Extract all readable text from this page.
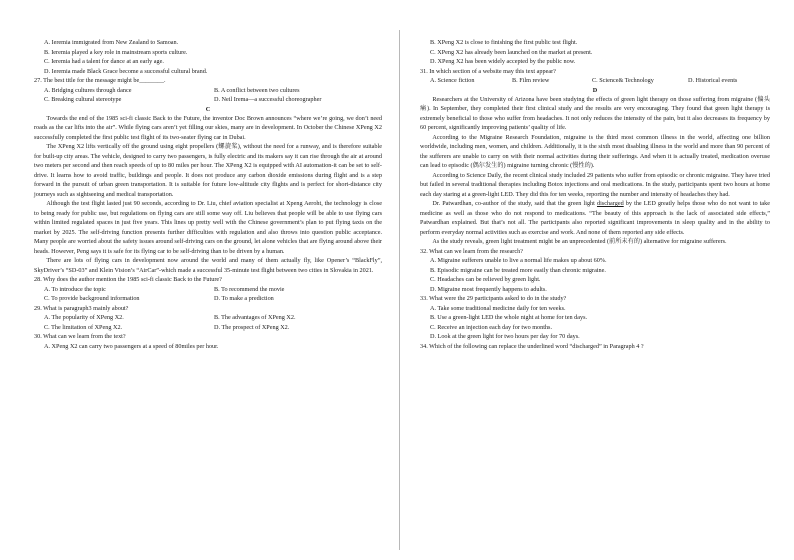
A. Ieremia immigrated from New Zealand to Samoan.

B. Ieremia played a key role in mainstream sports culture.

C. Ieremia had a talent for dance at an early age.

D. Ieremia made Black Grace become a successful cultural brand.

27. The best title for the message might be________.

A. Bridging cultures through dance	B. A conflict between two cultures
C. Breaking cultural stereotype	D. Neil Irema—a successful choreographer

C

Towards the end of the 1985 sci-fi classic Back to the Future, the inventor Doc Brown announces “where we’re going, we don’t need roads as the car lifts into the air”. While flying cars aren’t yet filling our skies, many are in development. In October the Chinese XPeng X2 successfully completed the first public test flight of its two-seater flying car in Dubai.

The XPeng X2 lifts vertically off the ground using eight propellers (螺旋桨), without the need for a runway, and is therefore suitable for built-up city areas. The vehicle, designed to carry two passengers, is fully electric and its makers say it can rise through the air at around two meters per second and then reach speeds of up to 80 miles per hour. The XPeng X2 is equipped with AI automation-it can be set to self-drive. It learns how to avoid traffic, buildings and people. It does not produce any carbon dioxide emissions during flight and is a step forward in the pursuit of urban green transportation. It is suitable for future low-altitude city flights and is perfect for short-distance city journeys such as sightseeing and medical transportation.

Although the test flight lasted just 90 seconds, according to Dr. Liu, chief aviation specialist at Xpeng Aeroht, the technology is close to being ready for public use, but regulations on flying cars are still some way off. Liu believes that people will be able to use flying cars within limited regulated spaces in just five years. This lines up pretty well with the Chinese government’s plan to put flying taxis on the market by 2025. The self-driving function presents further difficulties with regulation and also throws into question public acceptance. Many people are worried about the safety issues around self-driving cars on the ground, let alone vehicles that are flying around above their heads. However, Peng says it is safe for its flying car to be self-driving than to be driven by a human.

There are lots of flying cars in development now around the world and many of them actually fly, like Opener’s “BlackFly”, SkyDriver’s “SD-03” and Klein Vision’s “AirCar”-which made a successful 35-minute test flight between two cities in Slovakia in 2021.

28. Why does the author mention the 1985 sci-fi classic Back to the Future?

A. To introduce the topic	B. To recommend the movie
C. To provide background information	D. To make a prediction

29. What is paragraph3 mainly about?

A. The popularity of XPeng X2.	B. The advantages of XPeng X2.
C. The limitation of XPeng X2.	D. The prospect of XPeng X2.

30. What can we learn from the text?

A. XPeng X2 can carry two passengers at a speed of 80miles per hour.

B. XPeng X2 is close to finishing the first public test flight.

C. XPeng X2 has already been launched on the market at present.

D. XPeng X2 has been widely accepted by the public now.

31. In which section of a website may this text appear?

A. Science fiction	B. Film review	C. Science& Technology	D. Historical events

D

Researchers at the University of Arizona have been studying the effects of green light therapy on those suffering from migraine (偏头痛). In September, they completed their first clinical study and the results are very encouraging. They found that green light therapy is extremely beneficial to those who suffer from headaches. It not only reduces the intensity of the pain, but it also decreases its frequency by 60 percent, significantly improving patients’ quality of life.

According to the Migraine Research Foundation, migraine is the third most common illness in the world, affecting one billion worldwide, including men, women, and children. Additionally, it is the sixth most disabling illness in the world and more than 90 percent of the sufferers are unable to carry on with their normal activities during their sufferings. And when it is actually treated, medication overuse can lead to episodic (偶尔发生的) migraine turning chronic (慢性的).

According to Science Daily, the recent clinical study included 29 patients who suffer from episodic or chronic migraine. They have tried but failed in several traditional therapies including Botox injections and oral medications. In the study, participants spent two hours at home each day staring at a green-light LED. They did this for ten weeks, reporting the number and intensity of headaches they had.

Dr. Patwardhan, co-author of the study, said that the green light discharged by the LED greatly helps those who do not want to take medicine as well as those who do not respond to medications. “The beauty of this approach is the lack of associated side effects,” Patwardhan explained. But that’s not all. The participants also reported significant improvements in sleep quality and in the ability to perform everyday normal activities such as exercise and work. And none of them reported any side effects.

As the study reveals, green light treatment might be an unprecedented (前所未有的) alternative for migraine sufferers.

32. What can we learn from the research?

A. Migraine sufferers unable to live a normal life makes up about 60%.

B. Episodic migraine can be treated more easily than chronic migraine.

C. Headaches can be relieved by green light.

D. Migraine most frequently happens to adults.

33. What were the 29 participants asked to do in the study?

A. Take some traditional medicine daily for ten weeks.

B. Use a green-light LED the whole night at home for ten days.

C. Receive an injection each day for two months.

D. Look at the green light for two hours per day for 70 days.

34. Which of the following can replace the underlined word “discharged” in Paragraph 4 ?
